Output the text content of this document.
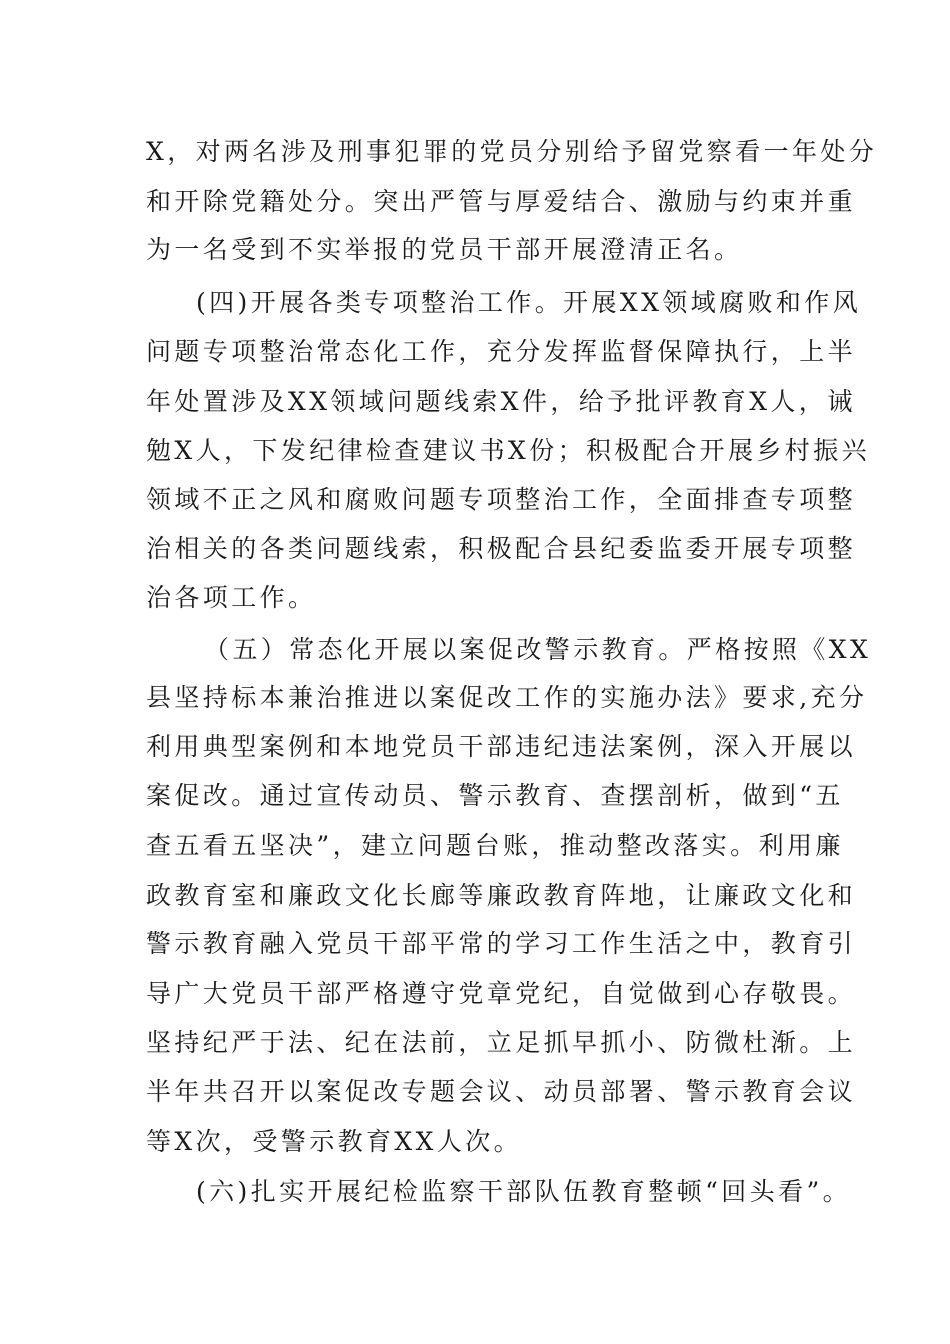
X，对两名涉及刑事犯罪的党员分别给予留党察看一年处分
和开除党籍处分。突出严管与厚爱结合、激励与约束并重
为一名受到不实举报的党员干部开展澄清正名。
(四)开展各类专项整治工作。开展XX领域腐败和作风
问题专项整治常态化工作，充分发挥监督保障执行，上半
年处置涉及XX领域问题线索X件，给予批评教育X人，诫
勉X人，下发纪律检查建议书X份；积极配合开展乡村振兴
领域不正之风和腐败问题专项整治工作，全面排查专项整
治相关的各类问题线索，积极配合县纪委监委开展专项整
治各项工作。
（五）常态化开展以案促改警示教育。严格按照《XX
县坚持标本兼治推进以案促改工作的实施办法》要求,充分
利用典型案例和本地党员干部违纪违法案例，深入开展以
案促改。通过宣传动员、警示教育、查摆剖析，做到“五
查五看五坚决”，建立问题台账，推动整改落实。利用廉
政教育室和廉政文化长廊等廉政教育阵地，让廉政文化和
警示教育融入党员干部平常的学习工作生活之中，教育引
导广大党员干部严格遵守党章党纪，自觉做到心存敬畏。
坚持纪严于法、纪在法前，立足抓早抓小、防微杜渐。上
半年共召开以案促改专题会议、动员部署、警示教育会议
等X次，受警示教育XX人次。
(六)扎实开展纪检监察干部队伍教育整顿“回头看”。
